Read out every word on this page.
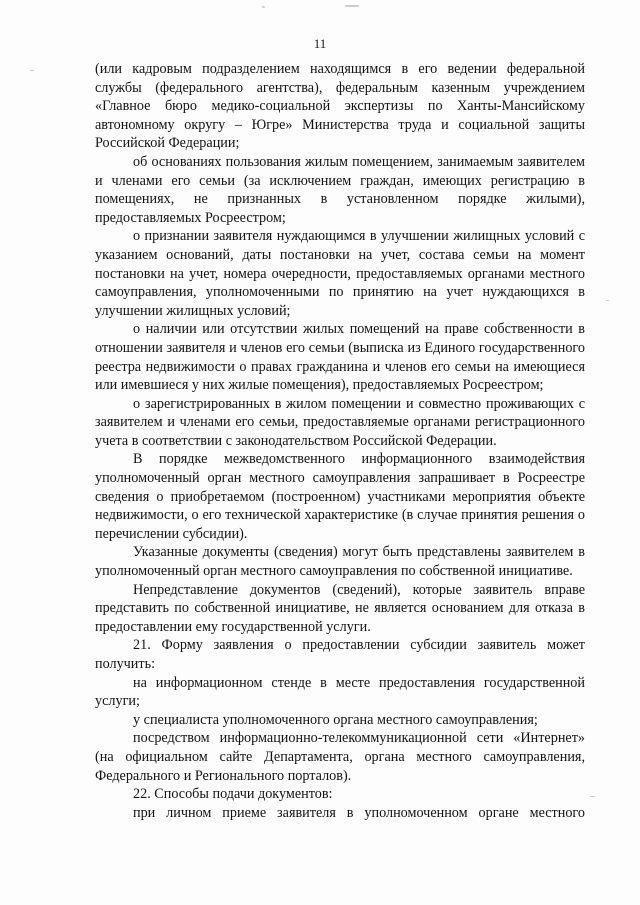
11

(или кадровым подразделением находящимся в его ведении федеральной службы (федерального агентства), федеральным казенным учреждением «Главное бюро медико-социальной экспертизы по Ханты-Мансийскому автономному округу – Югре» Министерства труда и социальной защиты Российской Федерации;

об основаниях пользования жилым помещением, занимаемым заявителем и членами его семьи (за исключением граждан, имеющих регистрацию в помещениях, не признанных в установленном порядке жилыми), предоставляемых Росреестром;

о признании заявителя нуждающимся в улучшении жилищных условий с указанием оснований, даты постановки на учет, состава семьи на момент постановки на учет, номера очередности, предоставляемых органами местного самоуправления, уполномоченными по принятию на учет нуждающихся в улучшении жилищных условий;

о наличии или отсутствии жилых помещений на праве собственности в отношении заявителя и членов его семьи (выписка из Единого государственного реестра недвижимости о правах гражданина и членов его семьи на имеющиеся или имевшиеся у них жилые помещения), предоставляемых Росреестром;

о зарегистрированных в жилом помещении и совместно проживающих с заявителем и членами его семьи, предоставляемые органами регистрационного учета в соответствии с законодательством Российской Федерации.

В порядке межведомственного информационного взаимодействия уполномоченный орган местного самоуправления запрашивает в Росреестре сведения о приобретаемом (построенном) участниками мероприятия объекте недвижимости, о его технической характеристике (в случае принятия решения о перечислении субсидии).

Указанные документы (сведения) могут быть представлены заявителем в уполномоченный орган местного самоуправления по собственной инициативе.

Непредставление документов (сведений), которые заявитель вправе представить по собственной инициативе, не является основанием для отказа в предоставлении ему государственной услуги.

21. Форму заявления о предоставлении субсидии заявитель может получить:

на информационном стенде в месте предоставления государственной услуги;

у специалиста уполномоченного органа местного самоуправления;

посредством информационно-телекоммуникационной сети «Интернет» (на официальном сайте Департамента, органа местного самоуправления, Федерального и Регионального порталов).

22. Способы подачи документов:

при личном приеме заявителя в уполномоченном органе местного
